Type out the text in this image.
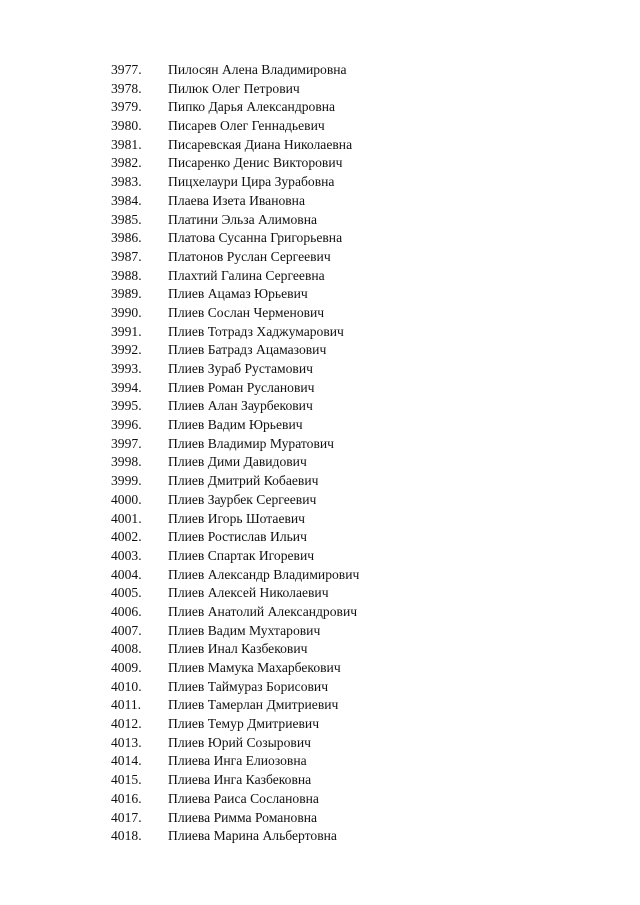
3977. Пилосян Алена Владимировна
3978. Пилюк Олег Петрович
3979. Пипко Дарья Александровна
3980. Писарев Олег Геннадьевич
3981. Писаревская Диана Николаевна
3982. Писаренко Денис Викторович
3983. Пицхелаури Цира Зурабовна
3984. Плаева Изета Ивановна
3985. Платини Эльза Алимовна
3986. Платова Сусанна Григорьевна
3987. Платонов Руслан Сергеевич
3988. Плахтий Галина Сергеевна
3989. Плиев Ацамаз Юрьевич
3990. Плиев Сослан Черменович
3991. Плиев Тотрадз Хаджумарович
3992. Плиев Батрадз Ацамазович
3993. Плиев Зураб Рустамович
3994. Плиев Роман Русланович
3995. Плиев Алан Заурбекович
3996. Плиев Вадим Юрьевич
3997. Плиев Владимир Муратович
3998. Плиев Дими Давидович
3999. Плиев Дмитрий Кобаевич
4000. Плиев Заурбек Сергеевич
4001. Плиев Игорь Шотаевич
4002. Плиев Ростислав Ильич
4003. Плиев Спартак Игоревич
4004. Плиев Александр Владимирович
4005. Плиев Алексей Николаевич
4006. Плиев Анатолий Александрович
4007. Плиев Вадим Мухтарович
4008. Плиев Инал Казбекович
4009. Плиев Мамука Махарбекович
4010. Плиев Таймураз Борисович
4011. Плиев Тамерлан Дмитриевич
4012. Плиев Темур Дмитриевич
4013. Плиев Юрий Созырович
4014. Плиева Инга Елиозовна
4015. Плиева Инга Казбековна
4016. Плиева Раиса Сослановна
4017. Плиева Римма Романовна
4018. Плиева Марина Альбертовна
